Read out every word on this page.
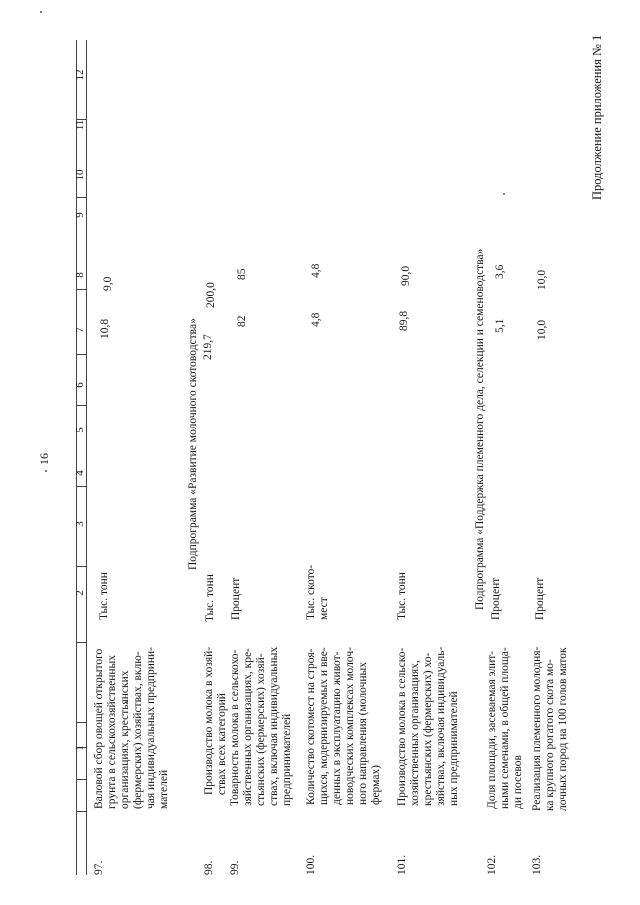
16
Продолжение приложения № 1
1
2
3
4
5
6
7
8
9
10
11
12
97.
Валовой сбор овощей открытого
грунта в сельскохозяйственных
организациях, крестьянских
(фермерских) хозяйствах, вклю-
чая индивидуальных предприни-
мателей
Тыс. тонн
10,8
9,0
Подпрограмма «Развитие молочного скотоводства»
98.
Производство молока в хозяй-
ствах всех категорий
Тыс. тонн
219,7
200,0
99.
Товарность молока в сельскохо-
зяйственных организациях, кре-
стьянских (фермерских) хозяй-
ствах, включая индивидуальных
предпринимателей
Процент
82
85
100.
Количество скотомест на строя-
щихся, модернизируемых и вве-
денных в эксплуатацию живот-
новодческих комплексах молоч-
ного направления (молочных
фермах)
Тыс. ското-
мест
4,8
4,8
101.
Производство молока в сельско-
хозяйственных организациях,
крестьянских (фермерских) хо-
зяйствах, включая индивидуаль-
ных предпринимателей
Тыс. тонн
89,8
90,0	Подпрограмма «Поддержка племенного дела, селекции и семеноводства»
102.
Доля площади, засеваемая элит-
ными семенами, в общей площа-
ди посевов
Процент
5,1
3,6
103.
Реализация племенного молодня-
ка крупного рогатого скота мо-
лочных пород на 100 голов маток
Процент
10,0
10,0
